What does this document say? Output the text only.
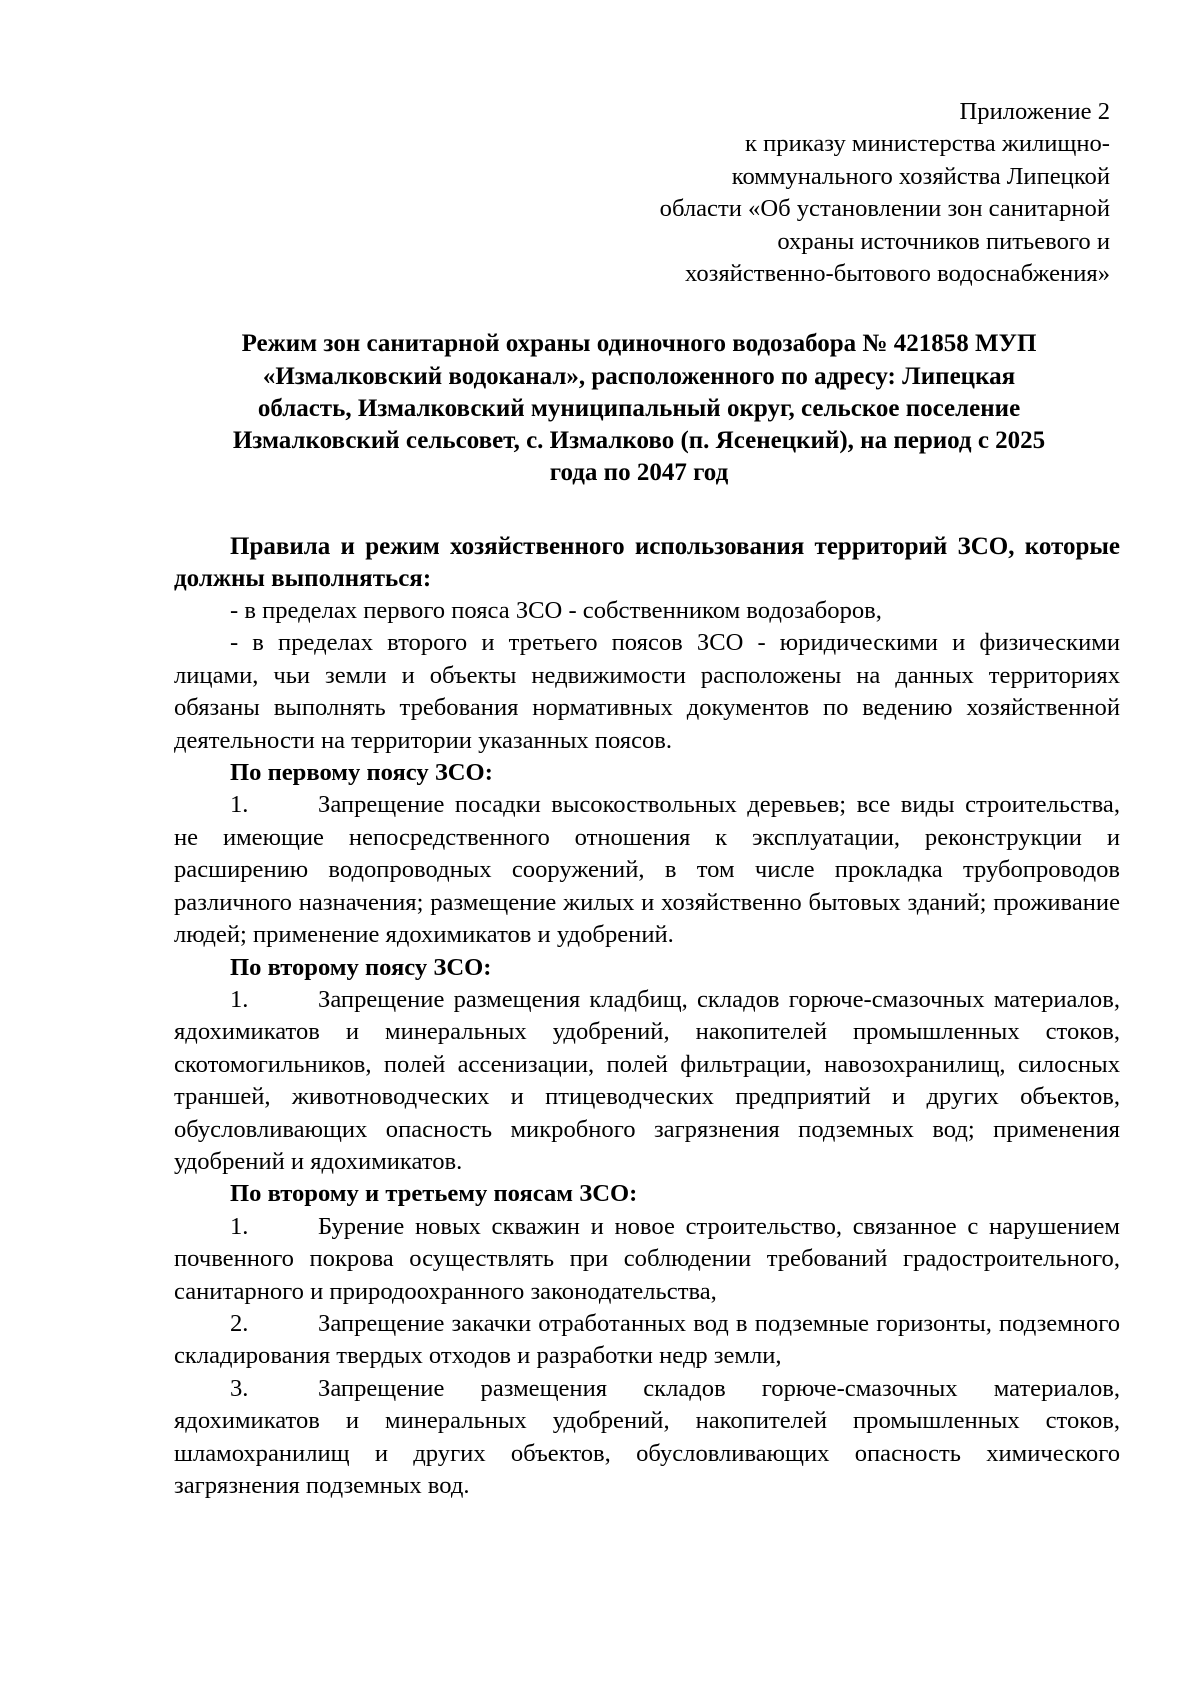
Приложение 2
к приказу министерства жилищно-
коммунального хозяйства Липецкой
области «Об установлении зон санитарной
охраны источников питьевого и
хозяйственно-бытового водоснабжения»
Режим зон санитарной охраны одиночного водозабора № 421858 МУП
«Измалковский водоканал», расположенного по адресу: Липецкая
область, Измалковский муниципальный округ, сельское поселение
Измалковский сельсовет, с. Измалково (п. Ясенецкий), на период с 2025
года по 2047 год

Правила и режим хозяйственного использования территорий ЗСО, которые должны выполняться:

- в пределах первого пояса ЗСО - собственником водозаборов,

- в пределах второго и третьего поясов ЗСО - юридическими и физическими лицами, чьи земли и объекты недвижимости расположены на данных территориях обязаны выполнять требования нормативных документов по ведению хозяйственной деятельности на территории указанных поясов.

По первому поясу ЗСО:

1.	Запрещение посадки высокоствольных деревьев; все виды строительства, не имеющие непосредственного отношения к эксплуатации, реконструкции и расширению водопроводных сооружений, в том числе прокладка трубопроводов различного назначения; размещение жилых и хозяйственно бытовых зданий; проживание людей; применение ядохимикатов и удобрений.

По второму поясу ЗСО:

1.	Запрещение размещения кладбищ, складов горюче-смазочных материалов, ядохимикатов и минеральных удобрений, накопителей промышленных стоков, скотомогильников, полей ассенизации, полей фильтрации, навозохранилищ, силосных траншей, животноводческих и птицеводческих предприятий и других объектов, обусловливающих опасность микробного загрязнения подземных вод; применения удобрений и ядохимикатов.

По второму и третьему поясам ЗСО:

1.	Бурение новых скважин и новое строительство, связанное с нарушением почвенного покрова осуществлять при соблюдении требований градостроительного, санитарного и природоохранного законодательства,

2.	Запрещение закачки отработанных вод в подземные горизонты, подземного складирования твердых отходов и разработки недр земли,

3.	Запрещение размещения складов горюче-смазочных материалов, ядохимикатов и минеральных удобрений, накопителей промышленных стоков, шламохранилищ и других объектов, обусловливающих опасность химического загрязнения подземных вод.
